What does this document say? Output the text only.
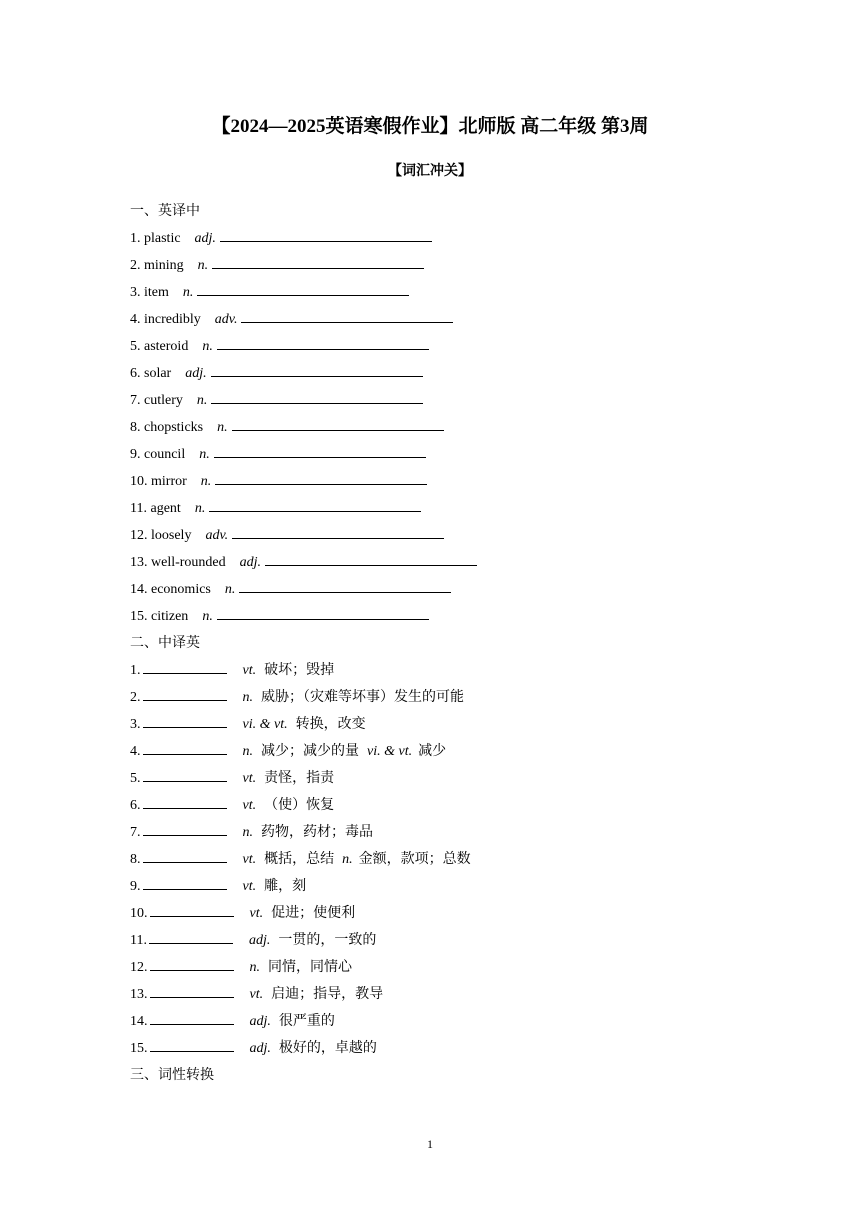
【2024—2025英语寒假作业】北师版 高二年级 第3周
【词汇冲关】
一、英译中
1. plastic adj.
2. mining n.
3. item n.
4. incredibly adv.
5. asteroid n.
6. solar adj.
7. cutlery n.
8. chopsticks n.
9. council n.
10. mirror n.
11. agent n.
12. loosely adv.
13. well-rounded adj.
14. economics n.
15. citizen n.
二、中译英
1.	vt. 破坏；毁掉
2.	n. 威胁；（灾难等坏事）发生的可能
3.	vi. & vt. 转换，改变
4.	n. 减少；减少的量 vi. & vt. 减少
5.	vt. 责怪，指责
6.	vt. （使）恢复
7.	n. 药物，药材；毒品
8.	vt. 概括，总结 n. 金额，款项；总数
9.	vt. 雕，刻
10.	vt. 促进；使便利
11.	adj. 一贯的，一致的
12.	n. 同情，同情心
13.	vt. 启迪；指导，教导
14.	adj. 很严重的
15.	adj. 极好的，卓越的
三、词性转换
1
